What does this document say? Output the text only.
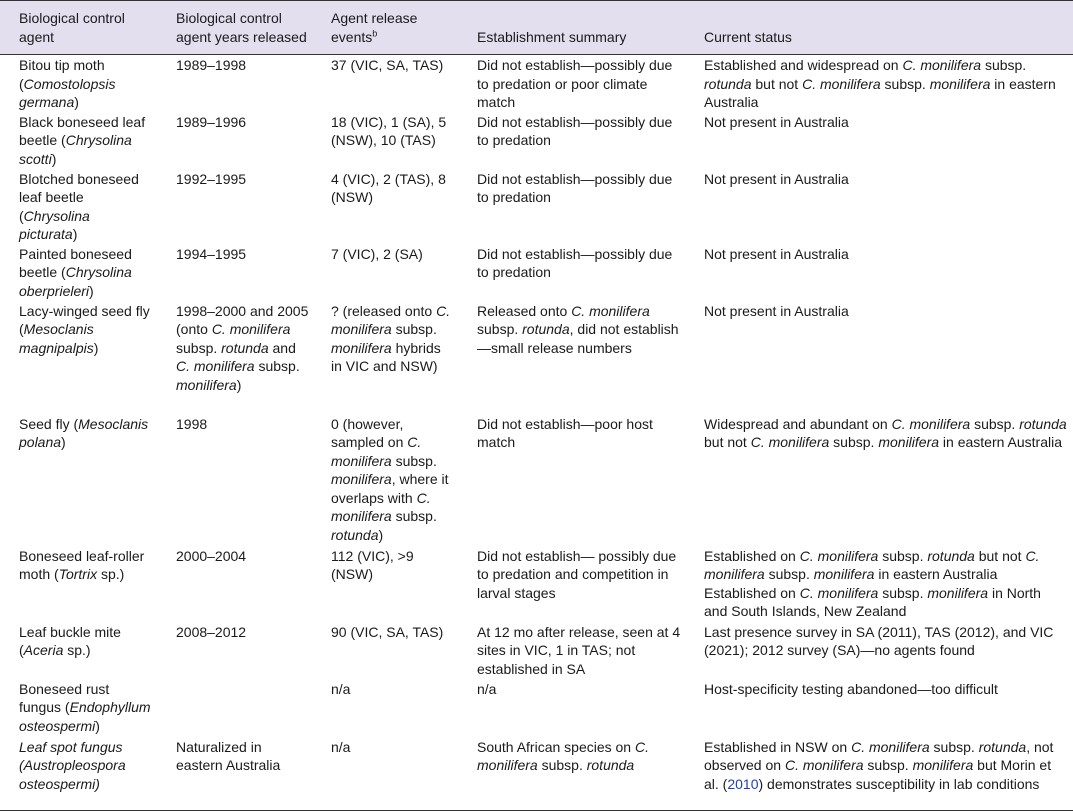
Biological control agent	Biological control agent years released	Agent release events$^b$	Establishment summary	Current status
Bitou tip moth (Comostolopsis germana)	1989–1998	37 (VIC, SA, TAS)	Did not establish—possibly due to predation or poor climate match	Established and widespread on C. monilifera subsp. rotunda but not C. monilifera subsp. monilifera in eastern Australia
Black boneseed leaf beetle (Chrysolina scotti)	1989–1996	18 (VIC), 1 (SA), 5 (NSW), 10 (TAS)	Did not establish—possibly due to predation	Not present in Australia
Blotched boneseed leaf beetle (Chrysolina picturata)	1992–1995	4 (VIC), 2 (TAS), 8 (NSW)	Did not establish—possibly due to predation	Not present in Australia
Painted boneseed beetle (Chrysolina oberprieleri)	1994–1995	7 (VIC), 2 (SA)	Did not establish—possibly due to predation	Not present in Australia
Lacy-winged seed fly (Mesoclanis magnipalpis)	1998–2000 and 2005 (onto C. monilifera subsp. rotunda and C. monilifera subsp. monilifera)	? (released onto C. monilifera subsp. monilifera hybrids in VIC and NSW)	Released onto C. monilifera subsp. rotunda, did not establish—small release numbers	Not present in Australia
Seed fly (Mesoclanis polana)	1998	0 (however, sampled on C. monilifera subsp. monilifera, where it overlaps with C. monilifera subsp. rotunda)	Did not establish—poor host match	Widespread and abundant on C. monilifera subsp. rotunda but not C. monilifera subsp. monilifera in eastern Australia
Boneseed leaf-roller moth (Tortrix sp.)	2000–2004	112 (VIC), >9 (NSW)	Did not establish— possibly due to predation and competition in larval stages	Established on C. monilifera subsp. rotunda but not C. monilifera subsp. monilifera in eastern Australia Established on C. monilifera subsp. monilifera in North and South Islands, New Zealand
Leaf buckle mite (Aceria sp.)	2008–2012	90 (VIC, SA, TAS)	At 12 mo after release, seen at 4 sites in VIC, 1 in TAS; not established in SA	Last presence survey in SA (2011), TAS (2012), and VIC (2021); 2012 survey (SA)—no agents found
Boneseed rust fungus (Endophyllum osteospermi)		n/a	n/a	Host-specificity testing abandoned—too difficult
Leaf spot fungus (Austropleospora osteospermi)	Naturalized in eastern Australia	n/a	South African species on C. monilifera subsp. rotunda	Established in NSW on C. monilifera subsp. rotunda, not observed on C. monilifera subsp. monilifera but Morin et al. (2010) demonstrates susceptibility in lab conditions
